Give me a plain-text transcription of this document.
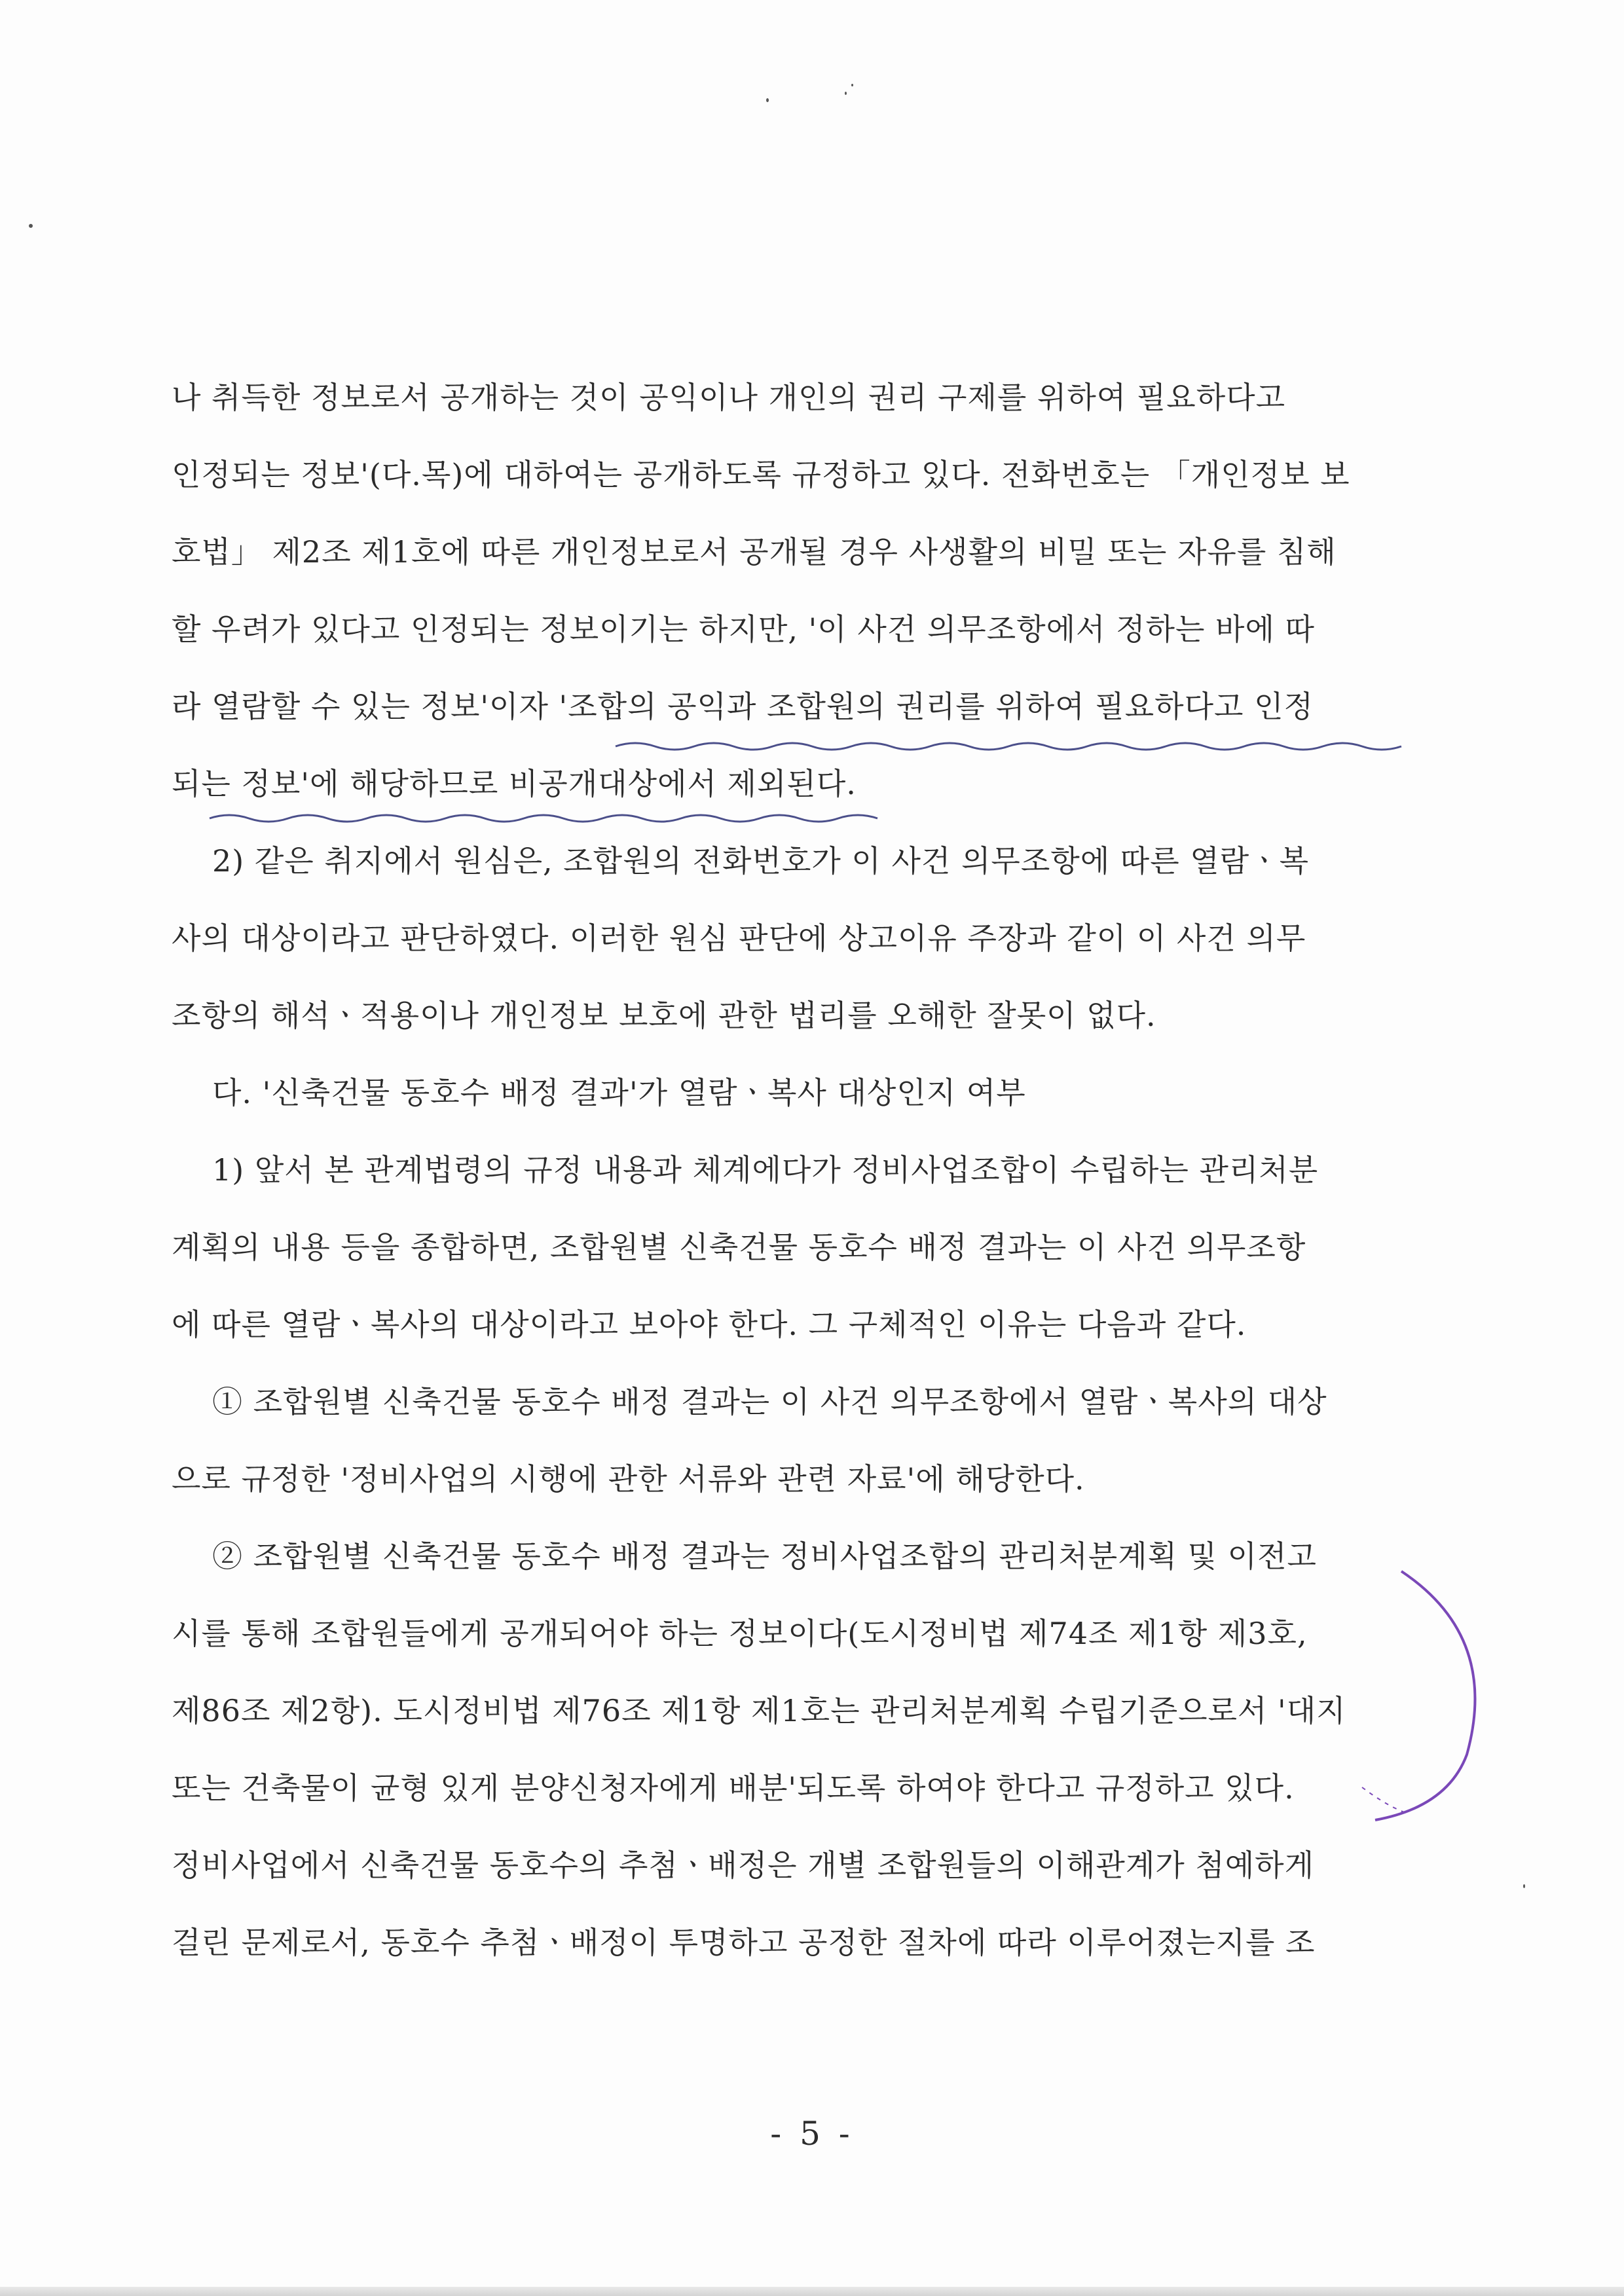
나 취득한 정보로서 공개하는 것이 공익이나 개인의 권리 구제를 위하여 필요하다고
인정되는 정보'(다.목)에 대하여는 공개하도록 규정하고 있다. 전화번호는 「개인정보 보
호법」 제2조 제1호에 따른 개인정보로서 공개될 경우 사생활의 비밀 또는 자유를 침해
할 우려가 있다고 인정되는 정보이기는 하지만, '이 사건 의무조항에서 정하는 바에 따
라 열람할 수 있는 정보'이자 '조합의 공익과 조합원의 권리를 위하여 필요하다고 인정
되는 정보'에 해당하므로 비공개대상에서 제외된다.
2) 같은 취지에서 원심은, 조합원의 전화번호가 이 사건 의무조항에 따른 열람ㆍ복
사의 대상이라고 판단하였다. 이러한 원심 판단에 상고이유 주장과 같이 이 사건 의무
조항의 해석ㆍ적용이나 개인정보 보호에 관한 법리를 오해한 잘못이 없다.
다. '신축건물 동호수 배정 결과'가 열람ㆍ복사 대상인지 여부
1) 앞서 본 관계법령의 규정 내용과 체계에다가 정비사업조합이 수립하는 관리처분
계획의 내용 등을 종합하면, 조합원별 신축건물 동호수 배정 결과는 이 사건 의무조항
에 따른 열람ㆍ복사의 대상이라고 보아야 한다. 그 구체적인 이유는 다음과 같다.
① 조합원별 신축건물 동호수 배정 결과는 이 사건 의무조항에서 열람ㆍ복사의 대상
으로 규정한 '정비사업의 시행에 관한 서류와 관련 자료'에 해당한다.
② 조합원별 신축건물 동호수 배정 결과는 정비사업조합의 관리처분계획 및 이전고
시를 통해 조합원들에게 공개되어야 하는 정보이다(도시정비법 제74조 제1항 제3호,
제86조 제2항). 도시정비법 제76조 제1항 제1호는 관리처분계획 수립기준으로서 '대지
또는 건축물이 균형 있게 분양신청자에게 배분'되도록 하여야 한다고 규정하고 있다.
정비사업에서 신축건물 동호수의 추첨ㆍ배정은 개별 조합원들의 이해관계가 첨예하게
걸린 문제로서, 동호수 추첨ㆍ배정이 투명하고 공정한 절차에 따라 이루어졌는지를 조
- 5 -
